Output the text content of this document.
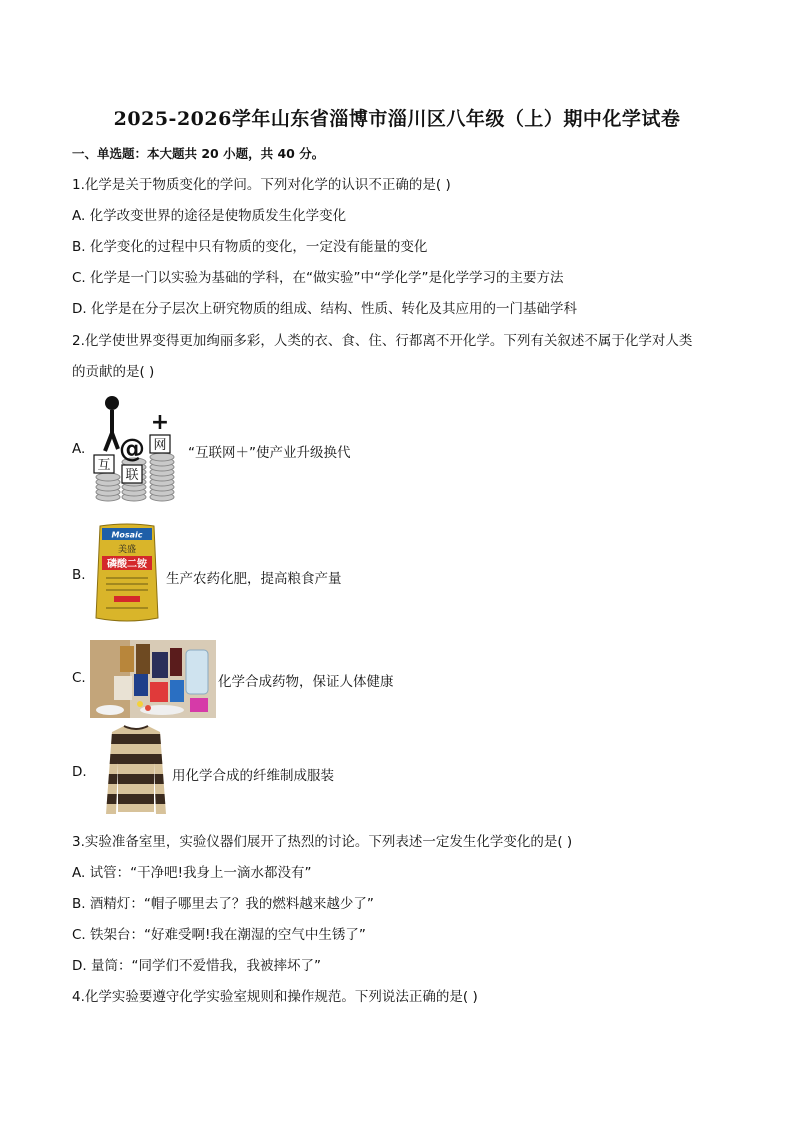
2025-2026学年山东省淄博市淄川区八年级（上）期中化学试卷
一、单选题：本大题共 20 小题，共 40 分。
1.化学是关于物质变化的学问。下列对化学的认识不正确的是( )
A. 化学改变世界的途径是使物质发生化学变化
B. 化学变化的过程中只有物质的变化，一定没有能量的变化
C. 化学是一门以实验为基础的学科，在“做实验”中“学化学”是化学学习的主要方法
D. 化学是在分子层次上研究物质的组成、结构、性质、转化及其应用的一门基础学科
2.化学使世界变得更加绚丽多彩，人类的衣、食、住、行都离不开化学。下列有关叙述不属于化学对人类
的贡献的是( )
A.
互
联
网
@
+
“互联网＋”使产业升级换代
B.
Mosaic
美盛
磷酸二铵
生产农药化肥，提高粮食产量
C.	化学合成药物，保证人体健康
D.	用化学合成的纤维制成服装
3.实验准备室里，实验仪器们展开了热烈的讨论。下列表述一定发生化学变化的是( )
A. 试管：“干净吧!我身上一滴水都没有”
B. 酒精灯：“帽子哪里去了？我的燃料越来越少了”
C. 铁架台：“好难受啊!我在潮湿的空气中生锈了”
D. 量筒：“同学们不爱惜我，我被摔坏了”
4.化学实验要遵守化学实验室规则和操作规范。下列说法正确的是( )
